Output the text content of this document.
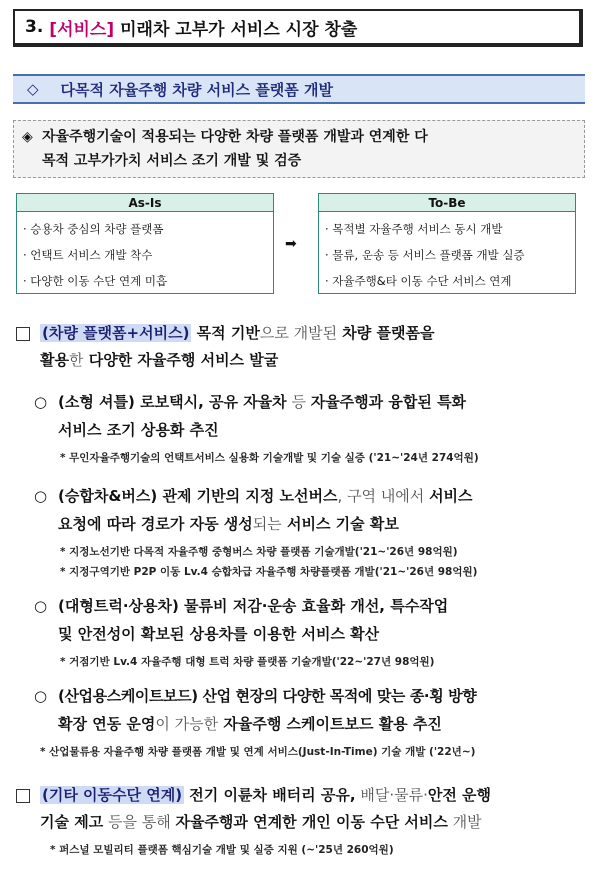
3. [서비스] 미래차 고부가 서비스 시장 창출
◇ 다목적 자율주행 차량 서비스 플랫폼 개발
◈ 자율주행기술이 적용되는 다양한 차량 플랫폼 개발과 연계한 다
목적 고부가가치 서비스 조기 개발 및 검증
As-Is
· 승용차 중심의 차량 플랫폼
· 언택트 서비스 개발 착수
· 다양한 이동 수단 연계 미흡
➡
To-Be
· 목적별 자율주행 서비스 동시 개발
· 물류, 운송 등 서비스 플랫폼 개발 실증
· 자율주행&타 이동 수단 서비스 연계
(차량 플랫폼+서비스) 목적 기반으로 개발된 차량 플랫폼을
활용한 다양한 자율주행 서비스 발굴
○ (소형 셔틀) 로보택시, 공유 자율차 등 자율주행과 융합된 특화
서비스 조기 상용화 추진
* 무인자율주행기술의 언택트서비스 실용화 기술개발 및 기술 실증 ('21~'24년 274억원)
○ (승합차&버스) 관제 기반의 지정 노선버스, 구역 내에서 서비스
요청에 따라 경로가 자동 생성되는 서비스 기술 확보
* 지정노선기반 다목적 자율주행 중형버스 차량 플랫폼 기술개발('21~'26년 98억원)
* 지정구역기반 P2P 이동 Lv.4 승합차급 자율주행 차량플랫폼 개발('21~'26년 98억원)
○ (대형트럭·상용차) 물류비 저감·운송 효율화 개선, 특수작업
및 안전성이 확보된 상용차를 이용한 서비스 확산
* 거점기반 Lv.4 자율주행 대형 트럭 차량 플랫폼 기술개발('22~'27년 98억원)
○ (산업용스케이트보드) 산업 현장의 다양한 목적에 맞는 종·횡 방향
확장 연동 운영이 가능한 자율주행 스케이트보드 활용 추진
* 산업물류용 자율주행 차량 플랫폼 개발 및 연계 서비스(Just-In-Time) 기술 개발 ('22년~)
(기타 이동수단 연계) 전기 이륜차 배터리 공유, 배달·물류·안전 운행
기술 제고 등을 통해 자율주행과 연계한 개인 이동 수단 서비스 개발
* 퍼스널 모빌리티 플랫폼 핵심기술 개발 및 실증 지원 (~'25년 260억원)
